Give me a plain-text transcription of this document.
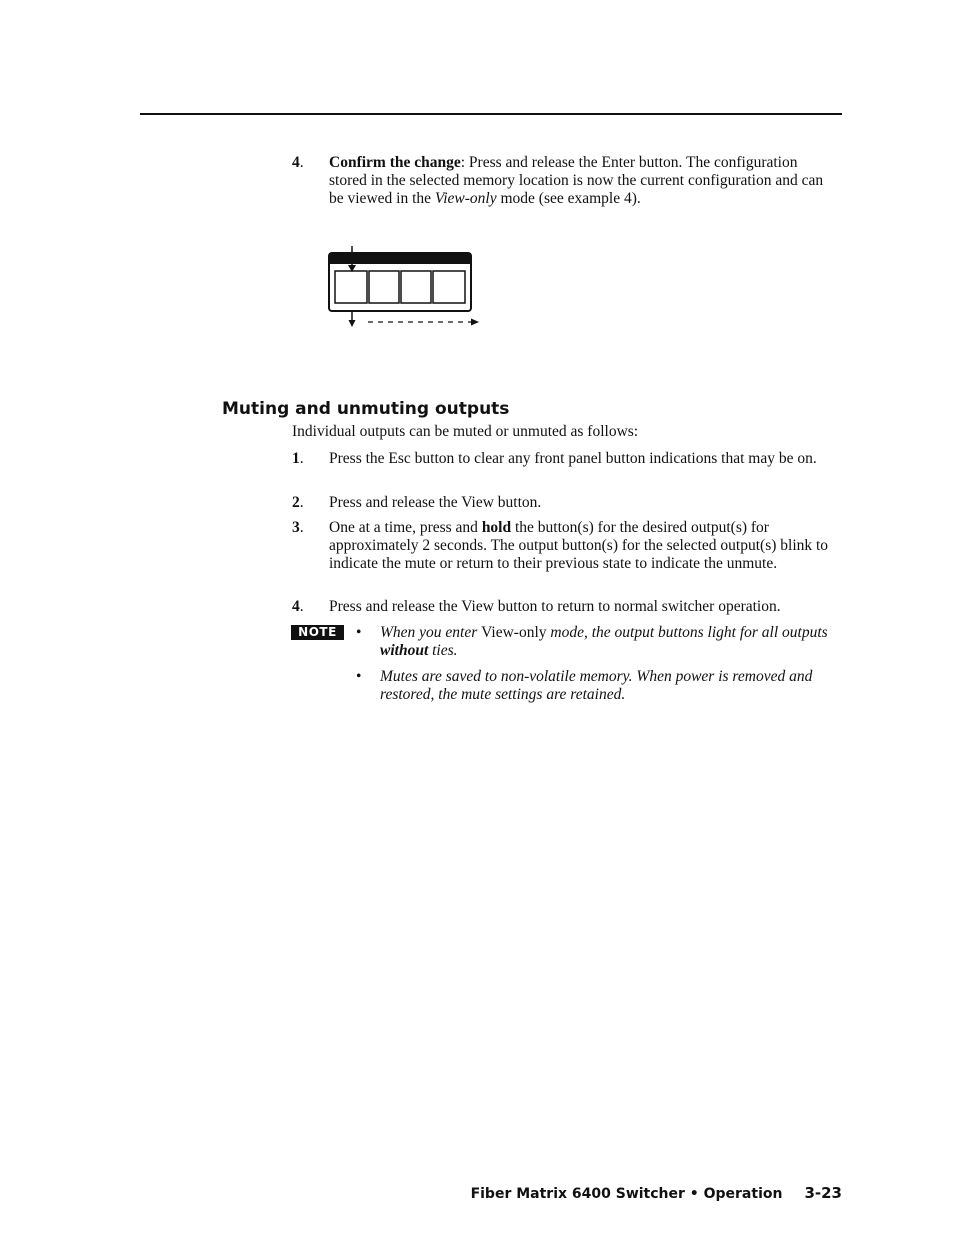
4. Confirm the change: Press and release the Enter button. The configuration stored in the selected memory location is now the current configuration and can be viewed in the View-only mode (see example 4).
Muting and unmuting outputs
Individual outputs can be muted or unmuted as follows:
1. Press the Esc button to clear any front panel button indications that may be on.
2. Press and release the View button.
3. One at a time, press and hold the button(s) for the desired output(s) for approximately 2 seconds. The output button(s) for the selected output(s) blink to indicate the mute or return to their previous state to indicate the unmute.
4. Press and release the View button to return to normal switcher operation.
NOTE	• When you enter View-only mode, the output buttons light for all outputs without ties.
• Mutes are saved to non-volatile memory. When power is removed and restored, the mute settings are retained.
Fiber Matrix 6400 Switcher • Operation 3-23
